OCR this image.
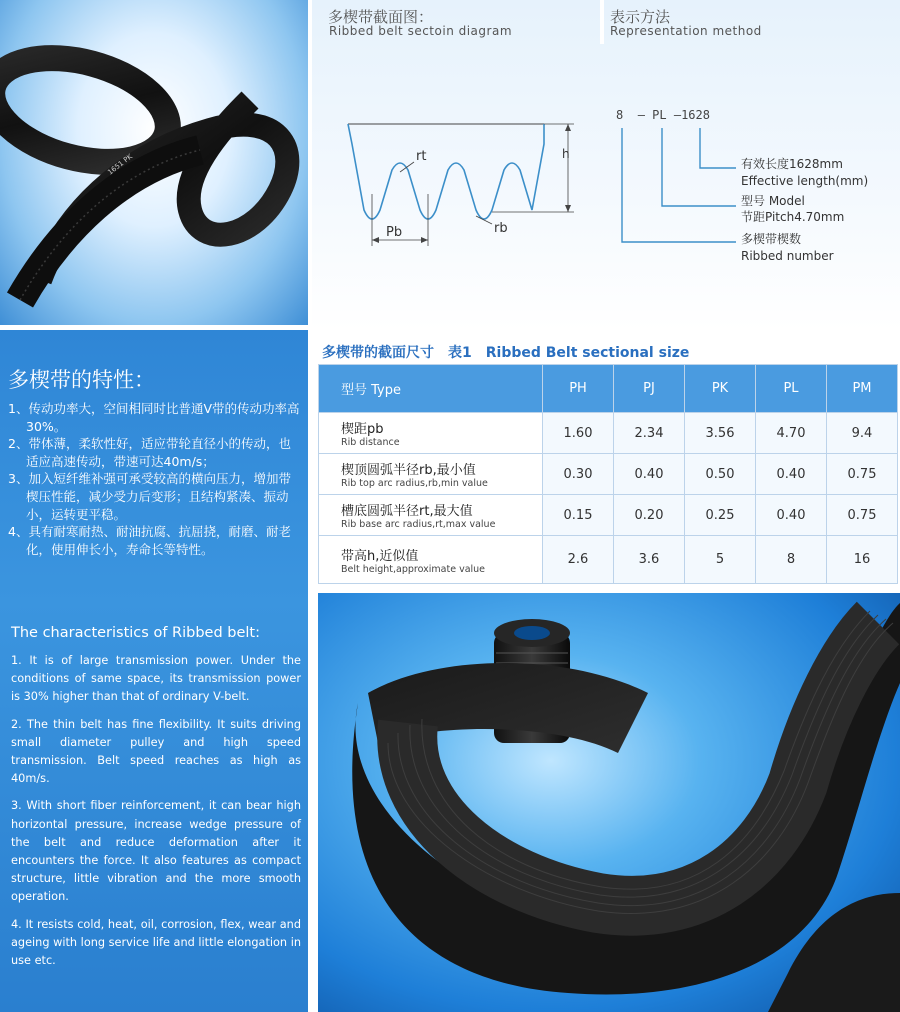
1651 PK
多楔带截面图：
Ribbed belt sectoin diagram
表示方法
Representation method
h
Pb
rt
rb
8 – PL –1628
有效长度1628mm
Effective length(mm)
型号 Model
节距Pitch4.70mm
多楔带楔数
Ribbed number
多楔带的特性：
1、传动功率大，空间相同时比普通V带的传动功率高30%。
2、带体薄，柔软性好，适应带轮直径小的传动，也适应高速传动，带速可达40m/s；
3、加入短纤维补强可承受较高的横向压力，增加带楔压性能，减少受力后变形；且结构紧凑、振动小，运转更平稳。
4、具有耐寒耐热、耐油抗腐、抗屈挠，耐磨、耐老化，使用伸长小，寿命长等特性。
The characteristics of Ribbed belt:
1. It is of large transmission power. Under the conditions of same space, its transmission power is 30% higher than that of ordinary V-belt.
2. The thin belt has fine flexibility. It suits driving small diameter pulley and high speed transmission. Belt speed reaches as high as 40m/s.
3. With short fiber reinforcement, it can bear high horizontal pressure, increase wedge pressure of the belt and reduce deformation after it encounters the force. It also features as compact structure, little vibration and the more smooth operation.
4. It resists cold, heat, oil, corrosion, flex, wear and ageing with long service life and little elongation in use etc.
多楔带的截面尺寸　表1　Ribbed Belt sectional size
型号 Type	PH	PJ	PK	PL	PM

楔距pb
Rib distance	1.60	2.34	3.56	4.70	9.4

楔顶圆弧半径rb,最小值
Rib top arc radius,rb,min value	0.30	0.40	0.50	0.40	0.75

槽底圆弧半径rt,最大值
Rib base arc radius,rt,max value	0.15	0.20	0.25	0.40	0.75

带高h,近似值
Belt height,approximate value	2.6	3.6	5	8	16
